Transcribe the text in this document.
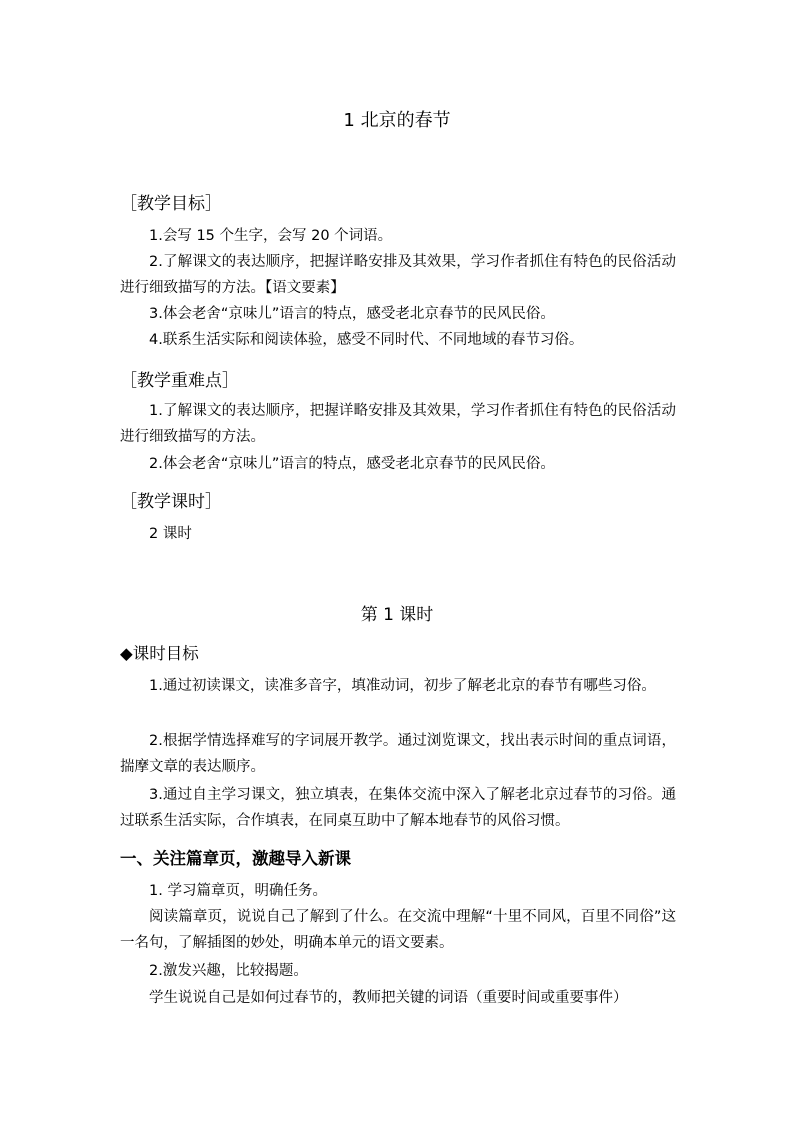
1 北京的春节
［教学目标］

1.会写 15 个生字，会写 20 个词语。

2.了解课文的表达顺序，把握详略安排及其效果，学习作者抓住有特色的民俗活动进行细致描写的方法。【语文要素】

3.体会老舍“京味儿”语言的特点，感受老北京春节的民风民俗。

4.联系生活实际和阅读体验，感受不同时代、不同地域的春节习俗。

［教学重难点］

1.了解课文的表达顺序，把握详略安排及其效果，学习作者抓住有特色的民俗活动进行细致描写的方法。

2.体会老舍“京味儿”语言的特点，感受老北京春节的民风民俗。

［教学课时］

2 课时

第 1 课时
◆课时目标

1.通过初读课文，读准多音字，填准动词，初步了解老北京的春节有哪些习俗。

2.根据学情选择难写的字词展开教学。通过浏览课文，找出表示时间的重点词语，揣摩文章的表达顺序。

3.通过自主学习课文，独立填表，在集体交流中深入了解老北京过春节的习俗。通过联系生活实际，合作填表，在同桌互助中了解本地春节的风俗习惯。

一、关注篇章页，激趣导入新课

1. 学习篇章页，明确任务。

阅读篇章页，说说自己了解到了什么。在交流中理解“十里不同风，百里不同俗”这一名句，了解插图的妙处，明确本单元的语文要素。

2.激发兴趣，比较揭题。

学生说说自己是如何过春节的，教师把关键的词语（重要时间或重要事件）
